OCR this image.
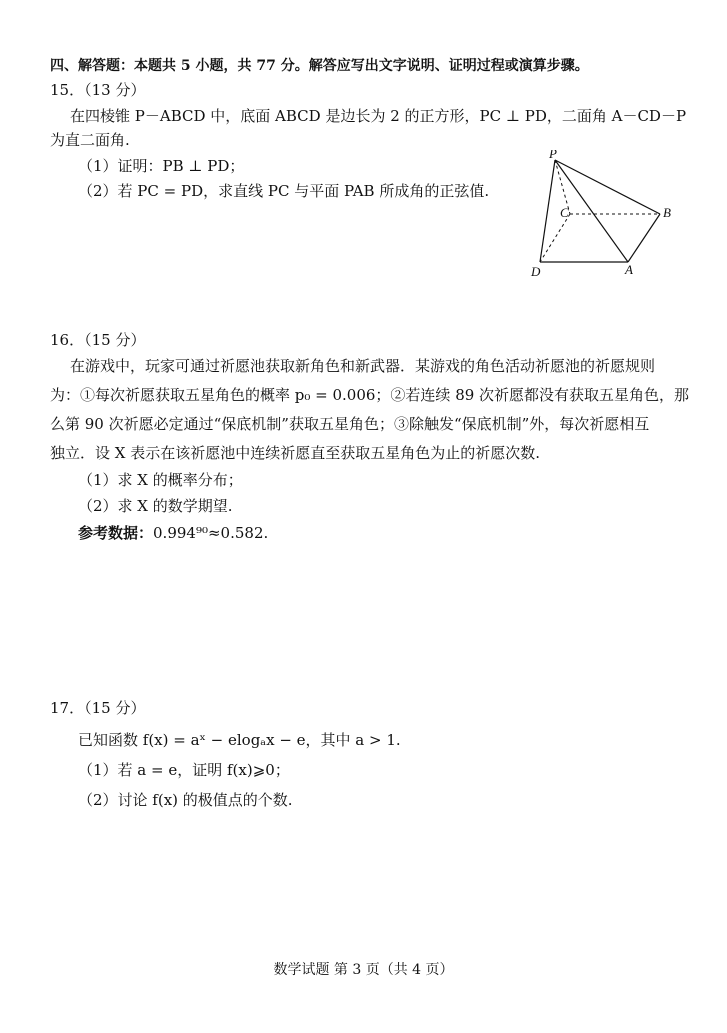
四、解答题：本题共 5 小题，共 77 分。解答应写出文字说明、证明过程或演算步骤。
15．（13 分）
在四棱锥 P－ABCD 中，底面 ABCD 是边长为 2 的正方形，PC ⊥ PD，二面角 A－CD－P
为直二面角.
（1）证明：PB ⊥ PD；
（2）若 PC = PD，求直线 PC 与平面 PAB 所成角的正弦值.
P
C	B
D	A
16．（15 分）
在游戏中，玩家可通过祈愿池获取新角色和新武器．某游戏的角色活动祈愿池的祈愿规则
为：①每次祈愿获取五星角色的概率 p₀ = 0.006；②若连续 89 次祈愿都没有获取五星角色，那
么第 90 次祈愿必定通过“保底机制”获取五星角色；③除触发“保底机制”外，每次祈愿相互
独立．设 X 表示在该祈愿池中连续祈愿直至获取五星角色为止的祈愿次数.
（1）求 X 的概率分布；
（2）求 X 的数学期望.
参考数据：0.994⁹⁰≈0.582.
17．（15 分）
已知函数 f(x) = aˣ − elogₐx − e，其中 a > 1.
（1）若 a = e，证明 f(x)⩾0；
（2）讨论 f(x) 的极值点的个数.
数学试题 第 3 页（共 4 页）
